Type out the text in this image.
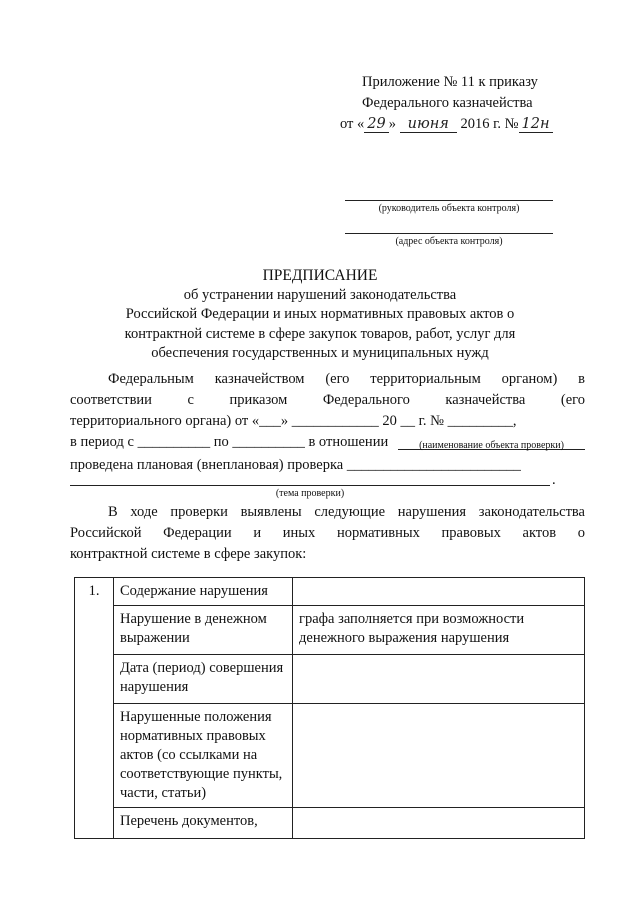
Приложение № 11 к приказу
Федерального казначейства
от « 29 » июня 2016 г. № 12н
(руководитель объекта контроля)
(адрес объекта контроля)
ПРЕДПИСАНИЕ
об устранении нарушений законодательства
Российской Федерации и иных нормативных правовых актов о
контрактной системе в сфере закупок товаров, работ, услуг для
обеспечения государственных и муниципальных нужд
Федеральным казначейством (его территориальным органом) в
соответствии с приказом Федерального казначейства (его
территориального органа) от «___» ____________ 20 __ г. № _________,
в период с __________ по __________ в отношении	(наименование объекта проверки)
проведена плановая (внеплановая) проверка ________________________
.
(тема проверки)
В ходе проверки выявлены следующие нарушения законодательства
Российской Федерации и иных нормативных правовых актов о
контрактной системе в сфере закупок:
1.	Содержание нарушения	
	Нарушение в денежном выражении	графа заполняется при возможности денежного выражения нарушения
	Дата (период) совершения нарушения	
	Нарушенные положения нормативных правовых актов (со ссылками на соответствующие пункты, части, статьи)	
	Перечень документов,	
